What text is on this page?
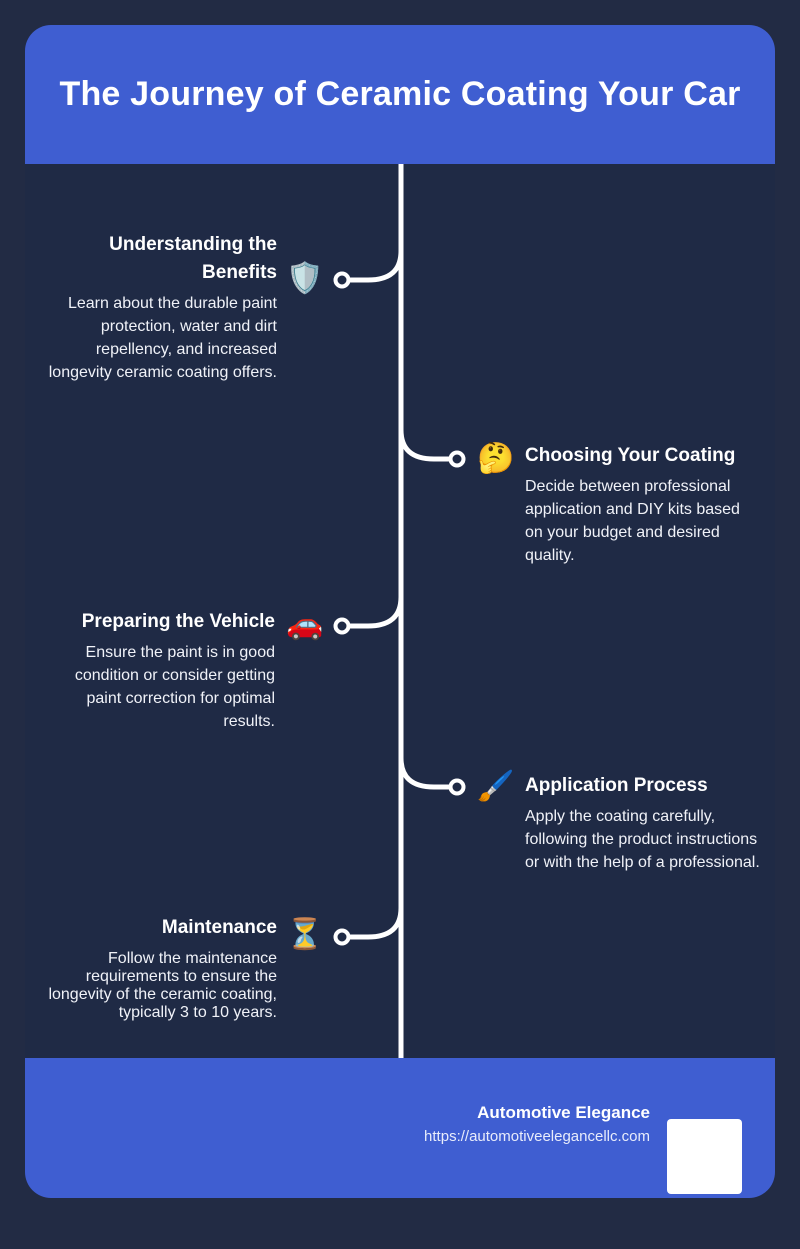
The Journey of Ceramic Coating Your Car
Understanding the Benefits
Learn about the durable paint protection, water and dirt repellency, and increased longevity ceramic coating offers.
🛡️
Choosing Your Coating
Decide between professional application and DIY kits based on your budget and desired quality.
🤔
Preparing the Vehicle
Ensure the paint is in good condition or consider getting paint correction for optimal results.
🚗
Application Process
Apply the coating carefully, following the product instructions or with the help of a professional.
🖌️
Maintenance
Follow the maintenance requirements to ensure the longevity of the ceramic coating, typically 3 to 10 years.
⏳
Automotive Elegance
https://automotiveelegancellc.com
